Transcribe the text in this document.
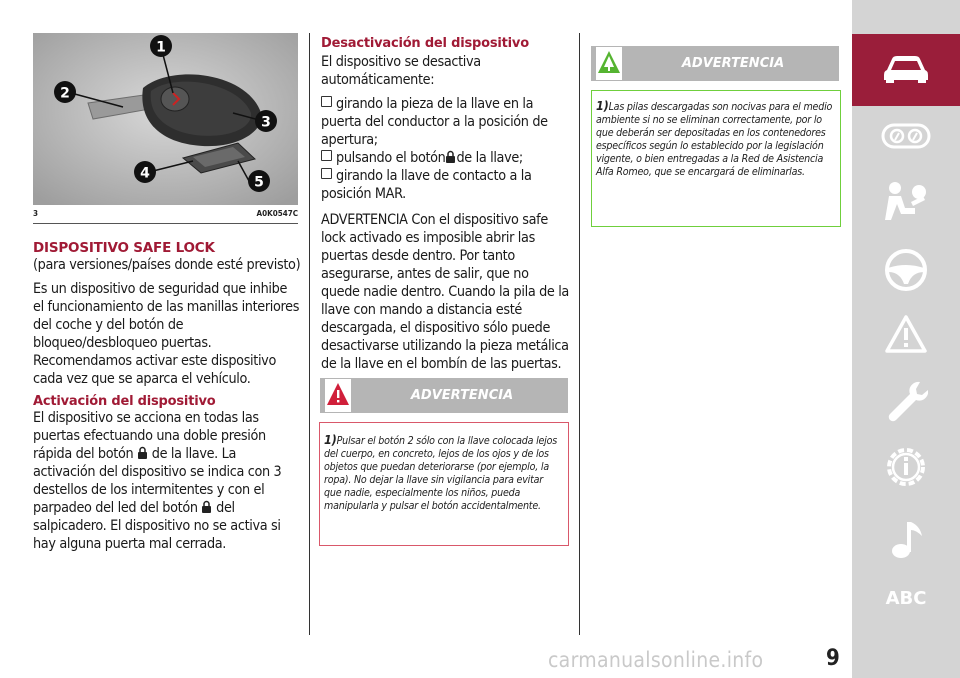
1
2
3
4
5
3	A0K0547C
DISPOSITIVO SAFE LOCK

(para versiones/países donde esté previsto)

Es un dispositivo de seguridad que inhibe el funcionamiento de las manillas interiores del coche y del botón de bloqueo/desbloqueo puertas. Recomendamos activar este dispositivo cada vez que se aparca el vehículo.

Activación del dispositivo
El dispositivo se acciona en todas las puertas efectuando una doble presión rápida del botón de la llave. La activación del dispositivo se indica con 3 destellos de los intermitentes y con el parpadeo del led del botón del salpicadero. El dispositivo no se activa si hay alguna puerta mal cerrada.
Desactivación del dispositivo

El dispositivo se desactiva automáticamente:

girando la pieza de la llave en la puerta del conductor a la posición de apertura;
pulsando el botón de la llave;
girando la llave de contacto a la posición MAR.

ADVERTENCIA Con el dispositivo safe lock activado es imposible abrir las puertas desde dentro. Por tanto asegurarse, antes de salir, que no quede nadie dentro. Cuando la pila de la llave con mando a distancia esté descargada, el dispositivo sólo puede desactivarse utilizando la pieza metálica de la llave en el bombín de las puertas.

ADVERTENCIA
1)Pulsar el botón 2 sólo con la llave colocada lejos del cuerpo, en concreto, lejos de los ojos y de los objetos que puedan deteriorarse (por ejemplo, la ropa). No dejar la llave sin vigilancia para evitar que nadie, especialmente los niños, pueda manipularla y pulsar el botón accidentalmente.
ADVERTENCIA
1)Las pilas descargadas son nocivas para el medio ambiente si no se eliminan correctamente, por lo que deberán ser depositadas en los contenedores específicos según lo establecido por la legislación vigente, o bien entregadas a la Red de Asistencia Alfa Romeo, que se encargará de eliminarlas.
ABC
carmanualsonline.info	9
